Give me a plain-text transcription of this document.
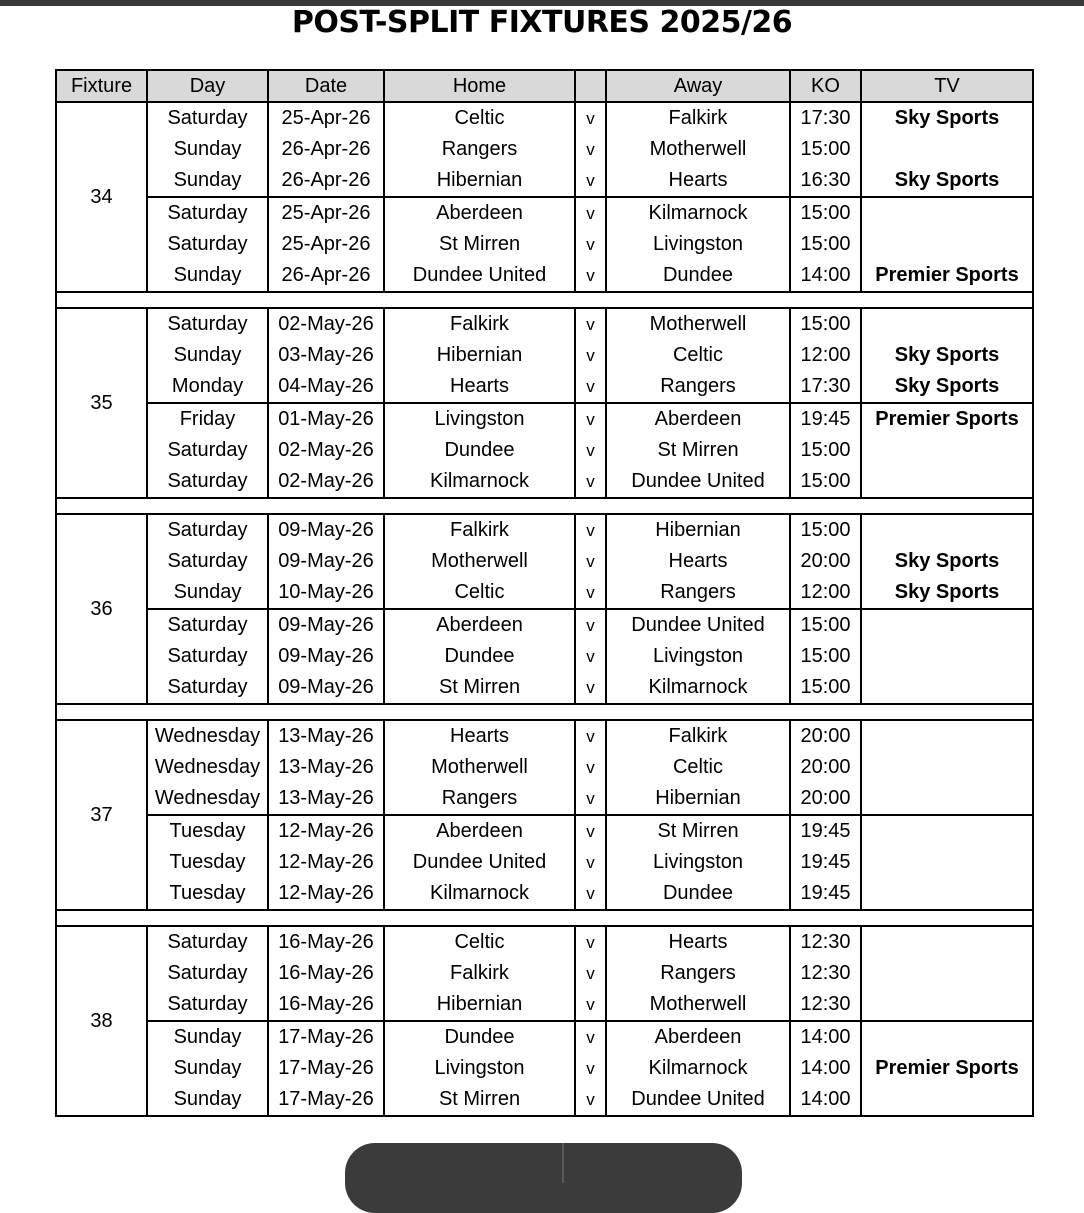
POST-SPLIT FIXTURES 2025/26
Fixture	Day	Date	Home		Away	KO	TV
34	Saturday	25-Apr-26	Celtic	v	Falkirk	17:30	Sky Sports
	Sunday	26-Apr-26	Rangers	v	Motherwell	15:00	
	Sunday	26-Apr-26	Hibernian	v	Hearts	16:30	Sky Sports
	Saturday	25-Apr-26	Aberdeen	v	Kilmarnock	15:00	
	Saturday	25-Apr-26	St Mirren	v	Livingston	15:00	
	Sunday	26-Apr-26	Dundee United	v	Dundee	14:00	Premier Sports

35	Saturday	02-May-26	Falkirk	v	Motherwell	15:00	
	Sunday	03-May-26	Hibernian	v	Celtic	12:00	Sky Sports
	Monday	04-May-26	Hearts	v	Rangers	17:30	Sky Sports
	Friday	01-May-26	Livingston	v	Aberdeen	19:45	Premier Sports
	Saturday	02-May-26	Dundee	v	St Mirren	15:00	
	Saturday	02-May-26	Kilmarnock	v	Dundee United	15:00	

36	Saturday	09-May-26	Falkirk	v	Hibernian	15:00	
	Saturday	09-May-26	Motherwell	v	Hearts	20:00	Sky Sports
	Sunday	10-May-26	Celtic	v	Rangers	12:00	Sky Sports
	Saturday	09-May-26	Aberdeen	v	Dundee United	15:00	
	Saturday	09-May-26	Dundee	v	Livingston	15:00	
	Saturday	09-May-26	St Mirren	v	Kilmarnock	15:00	

37	Wednesday	13-May-26	Hearts	v	Falkirk	20:00	
	Wednesday	13-May-26	Motherwell	v	Celtic	20:00	
	Wednesday	13-May-26	Rangers	v	Hibernian	20:00	
	Tuesday	12-May-26	Aberdeen	v	St Mirren	19:45	
	Tuesday	12-May-26	Dundee United	v	Livingston	19:45	
	Tuesday	12-May-26	Kilmarnock	v	Dundee	19:45	

38	Saturday	16-May-26	Celtic	v	Hearts	12:30	
	Saturday	16-May-26	Falkirk	v	Rangers	12:30	
	Saturday	16-May-26	Hibernian	v	Motherwell	12:30	
	Sunday	17-May-26	Dundee	v	Aberdeen	14:00	
	Sunday	17-May-26	Livingston	v	Kilmarnock	14:00	Premier Sports
	Sunday	17-May-26	St Mirren	v	Dundee United	14:00	
